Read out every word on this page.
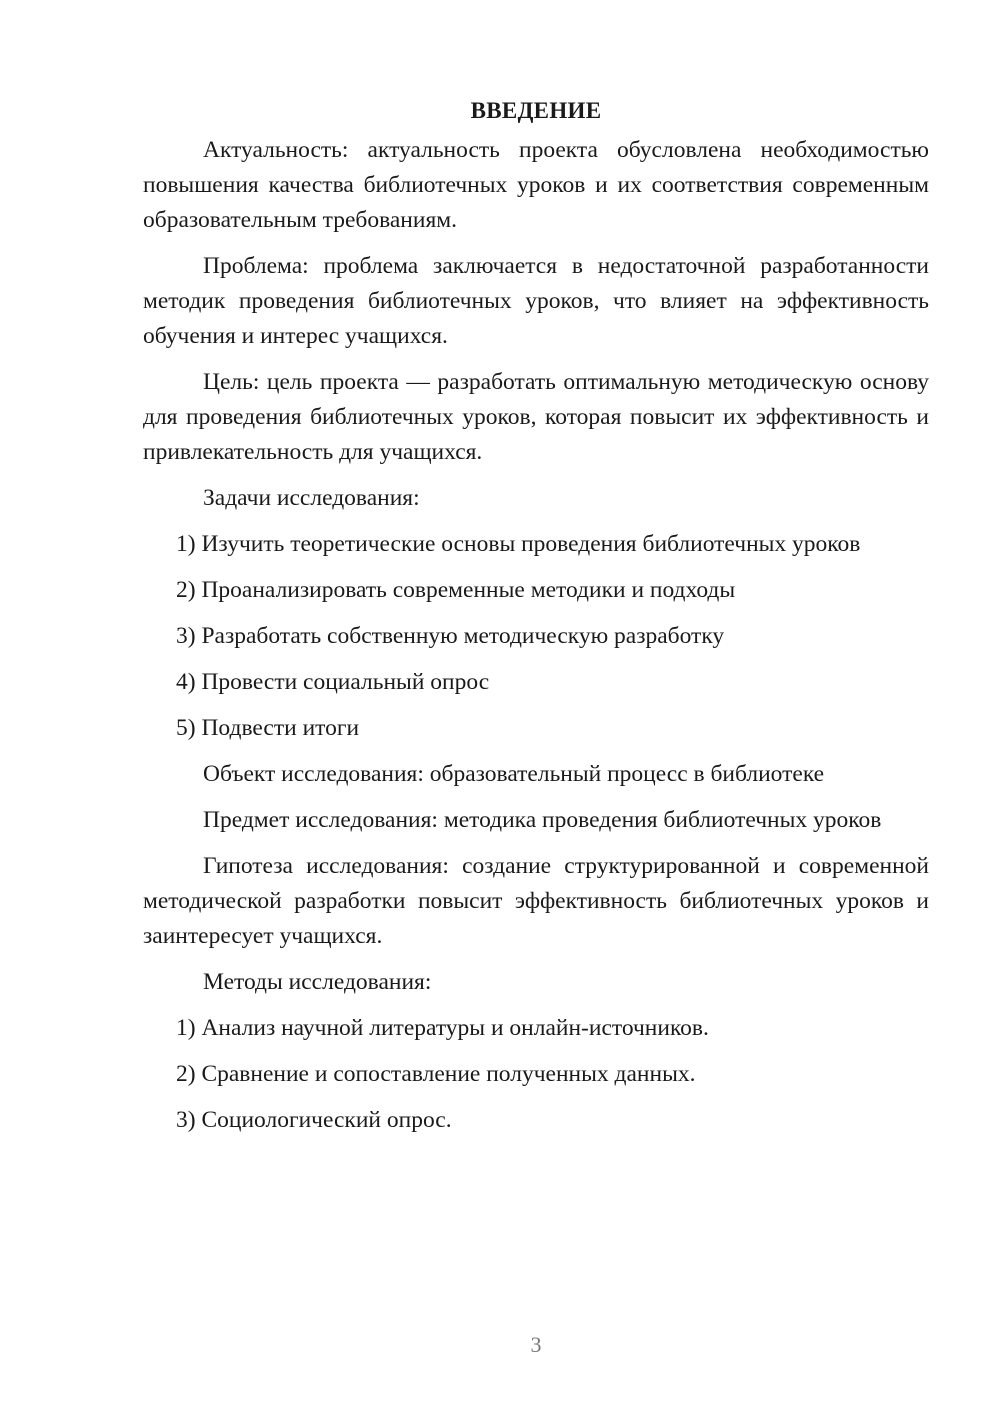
ВВЕДЕНИЕ

Актуальность: актуальность проекта обусловлена необходимостью повышения качества библиотечных уроков и их соответствия современным образовательным требованиям.

Проблема: проблема заключается в недостаточной разработанности методик проведения библиотечных уроков, что влияет на эффективность обучения и интерес учащихся.

Цель: цель проекта — разработать оптимальную методическую основу для проведения библиотечных уроков, которая повысит их эффективность и привлекательность для учащихся.

Задачи исследования:
1) Изучить теоретические основы проведения библиотечных уроков
2) Проанализировать современные методики и подходы
3) Разработать собственную методическую разработку
4) Провести социальный опрос
5) Подвести итоги
Объект исследования: образовательный процесс в библиотеке
Предмет исследования: методика проведения библиотечных уроков

Гипотеза исследования: создание структурированной и современной методической разработки повысит эффективность библиотечных уроков и заинтересует учащихся.

Методы исследования:
1) Анализ научной литературы и онлайн-источников.
2) Сравнение и сопоставление полученных данных.
3) Социологический опрос.
3
